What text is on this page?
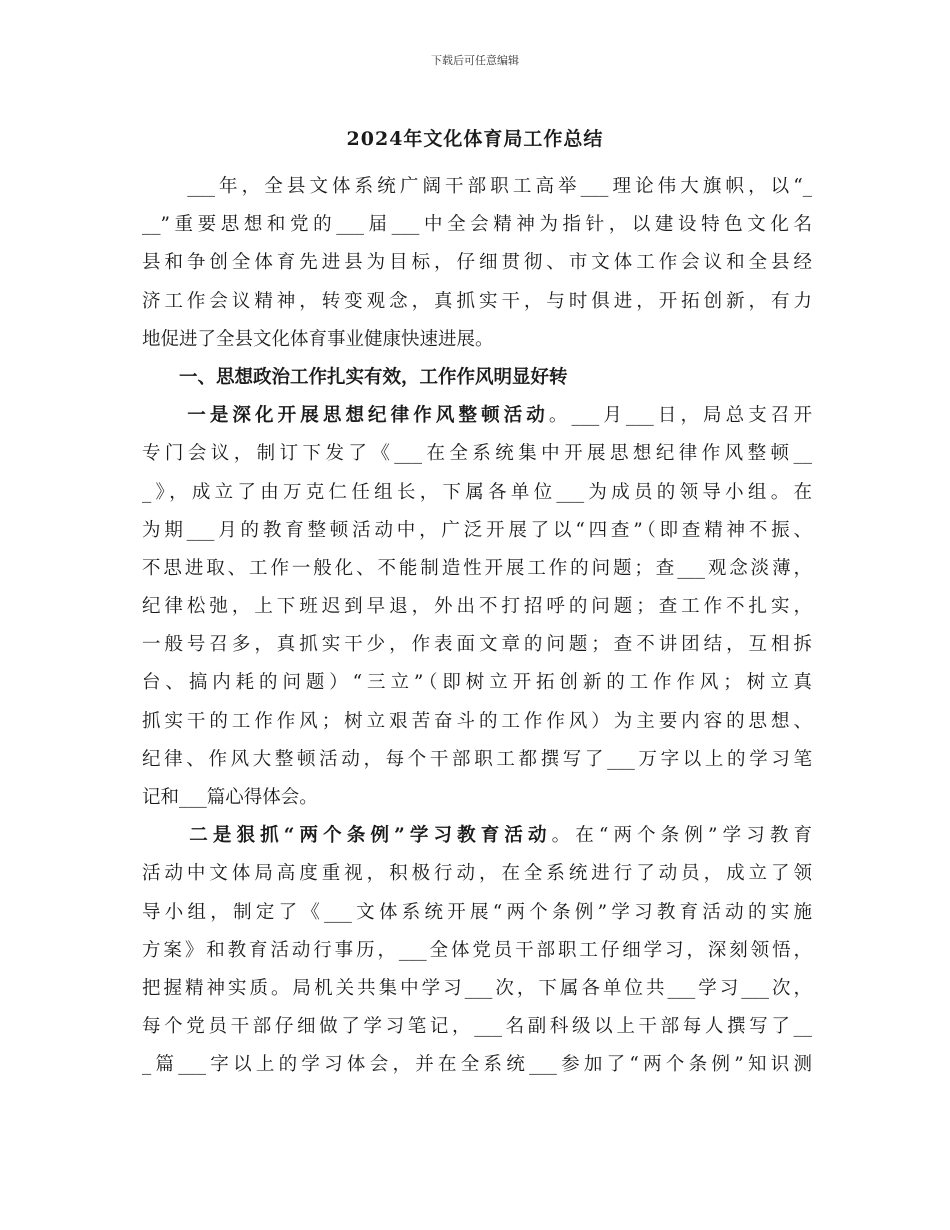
下载后可任意编辑
2024年文化体育局工作总结
　　___年，全县文体系统广阔干部职工高举___理论伟大旗帜，以“_
__”重要思想和党的___届___中全会精神为指针，以建设特色文化名
县和争创全体育先进县为目标，仔细贯彻、市文体工作会议和全县经
济工作会议精神，转变观念，真抓实干，与时俱进，开拓创新，有力
地促进了全县文化体育事业健康快速进展。
　　一、思想政治工作扎实有效，工作作风明显好转
　　一是深化开展思想纪律作风整顿活动。___月___日，局总支召开
专门会议，制订下发了《___在全系统集中开展思想纪律作风整顿__
_》，成立了由万克仁任组长，下属各单位___为成员的领导小组。在
为期___月的教育整顿活动中，广泛开展了以“四查”（即查精神不振、
不思进取、工作一般化、不能制造性开展工作的问题；查___观念淡薄，
纪律松弛，上下班迟到早退，外出不打招呼的问题；查工作不扎实，
一般号召多，真抓实干少，作表面文章的问题；查不讲团结，互相拆
台、搞内耗的问题）“三立”（即树立开拓创新的工作作风；树立真
抓实干的工作作风；树立艰苦奋斗的工作作风）为主要内容的思想、
纪律、作风大整顿活动，每个干部职工都撰写了___万字以上的学习笔
记和___篇心得体会。
　　二是狠抓“两个条例”学习教育活动。在“两个条例”学习教育
活动中文体局高度重视，积极行动，在全系统进行了动员，成立了领
导小组，制定了《___文体系统开展“两个条例”学习教育活动的实施
方案》和教育活动行事历，___全体党员干部职工仔细学习，深刻领悟，
把握精神实质。局机关共集中学习___次，下属各单位共___学习___次，
每个党员干部仔细做了学习笔记，___名副科级以上干部每人撰写了__
_篇___字以上的学习体会，并在全系统___参加了“两个条例”知识测
